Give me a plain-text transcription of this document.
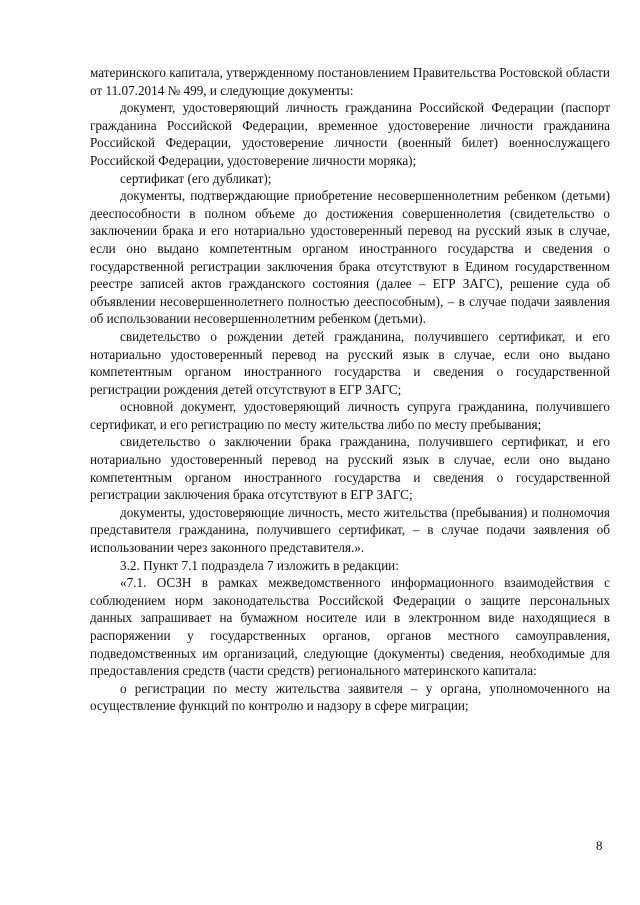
материнского капитала, утвержденному постановлением Правительства Ростовской области от 11.07.2014 № 499, и следующие документы:

документ, удостоверяющий личность гражданина Российской Федерации (паспорт гражданина Российской Федерации, временное удостоверение личности гражданина Российской Федерации, удостоверение личности (военный билет) военнослужащего Российской Федерации, удостоверение личности моряка);

сертификат (его дубликат);

документы, подтверждающие приобретение несовершеннолетним ребенком (детьми) дееспособности в полном объеме до достижения совершеннолетия (свидетельство о заключении брака и его нотариально удостоверенный перевод на русский язык в случае, если оно выдано компетентным органом иностранного государства и сведения о государственной регистрации заключения брака отсутствуют в Едином государственном реестре записей актов гражданского состояния (далее – ЕГР ЗАГС), решение суда об объявлении несовершеннолетнего полностью дееспособным), – в случае подачи заявления об использовании несовершеннолетним ребенком (детьми).

свидетельство о рождении детей гражданина, получившего сертификат, и его нотариально удостоверенный перевод на русский язык в случае, если оно выдано компетентным органом иностранного государства и сведения о государственной регистрации рождения детей отсутствуют в ЕГР ЗАГС;

основной документ, удостоверяющий личность супруга гражданина, получившего сертификат, и его регистрацию по месту жительства либо по месту пребывания;

свидетельство о заключении брака гражданина, получившего сертификат, и его нотариально удостоверенный перевод на русский язык в случае, если оно выдано компетентным органом иностранного государства и сведения о государственной регистрации заключения брака отсутствуют в ЕГР ЗАГС;

документы, удостоверяющие личность, место жительства (пребывания) и полномочия представителя гражданина, получившего сертификат, – в случае подачи заявления об использовании через законного представителя.».

3.2. Пункт 7.1 подраздела 7 изложить в редакции:

«7.1. ОСЗН в рамках межведомственного информационного взаимодействия с соблюдением норм законодательства Российской Федерации о защите персональных данных запрашивает на бумажном носителе или в электронном виде находящиеся в распоряжении у государственных органов, органов местного самоуправления, подведомственных им организаций, следующие (документы) сведения, необходимые для предоставления средств (части средств) регионального материнского капитала:

о регистрации по месту жительства заявителя – у органа, уполномоченного на осуществление функций по контролю и надзору в сфере миграции;

8
